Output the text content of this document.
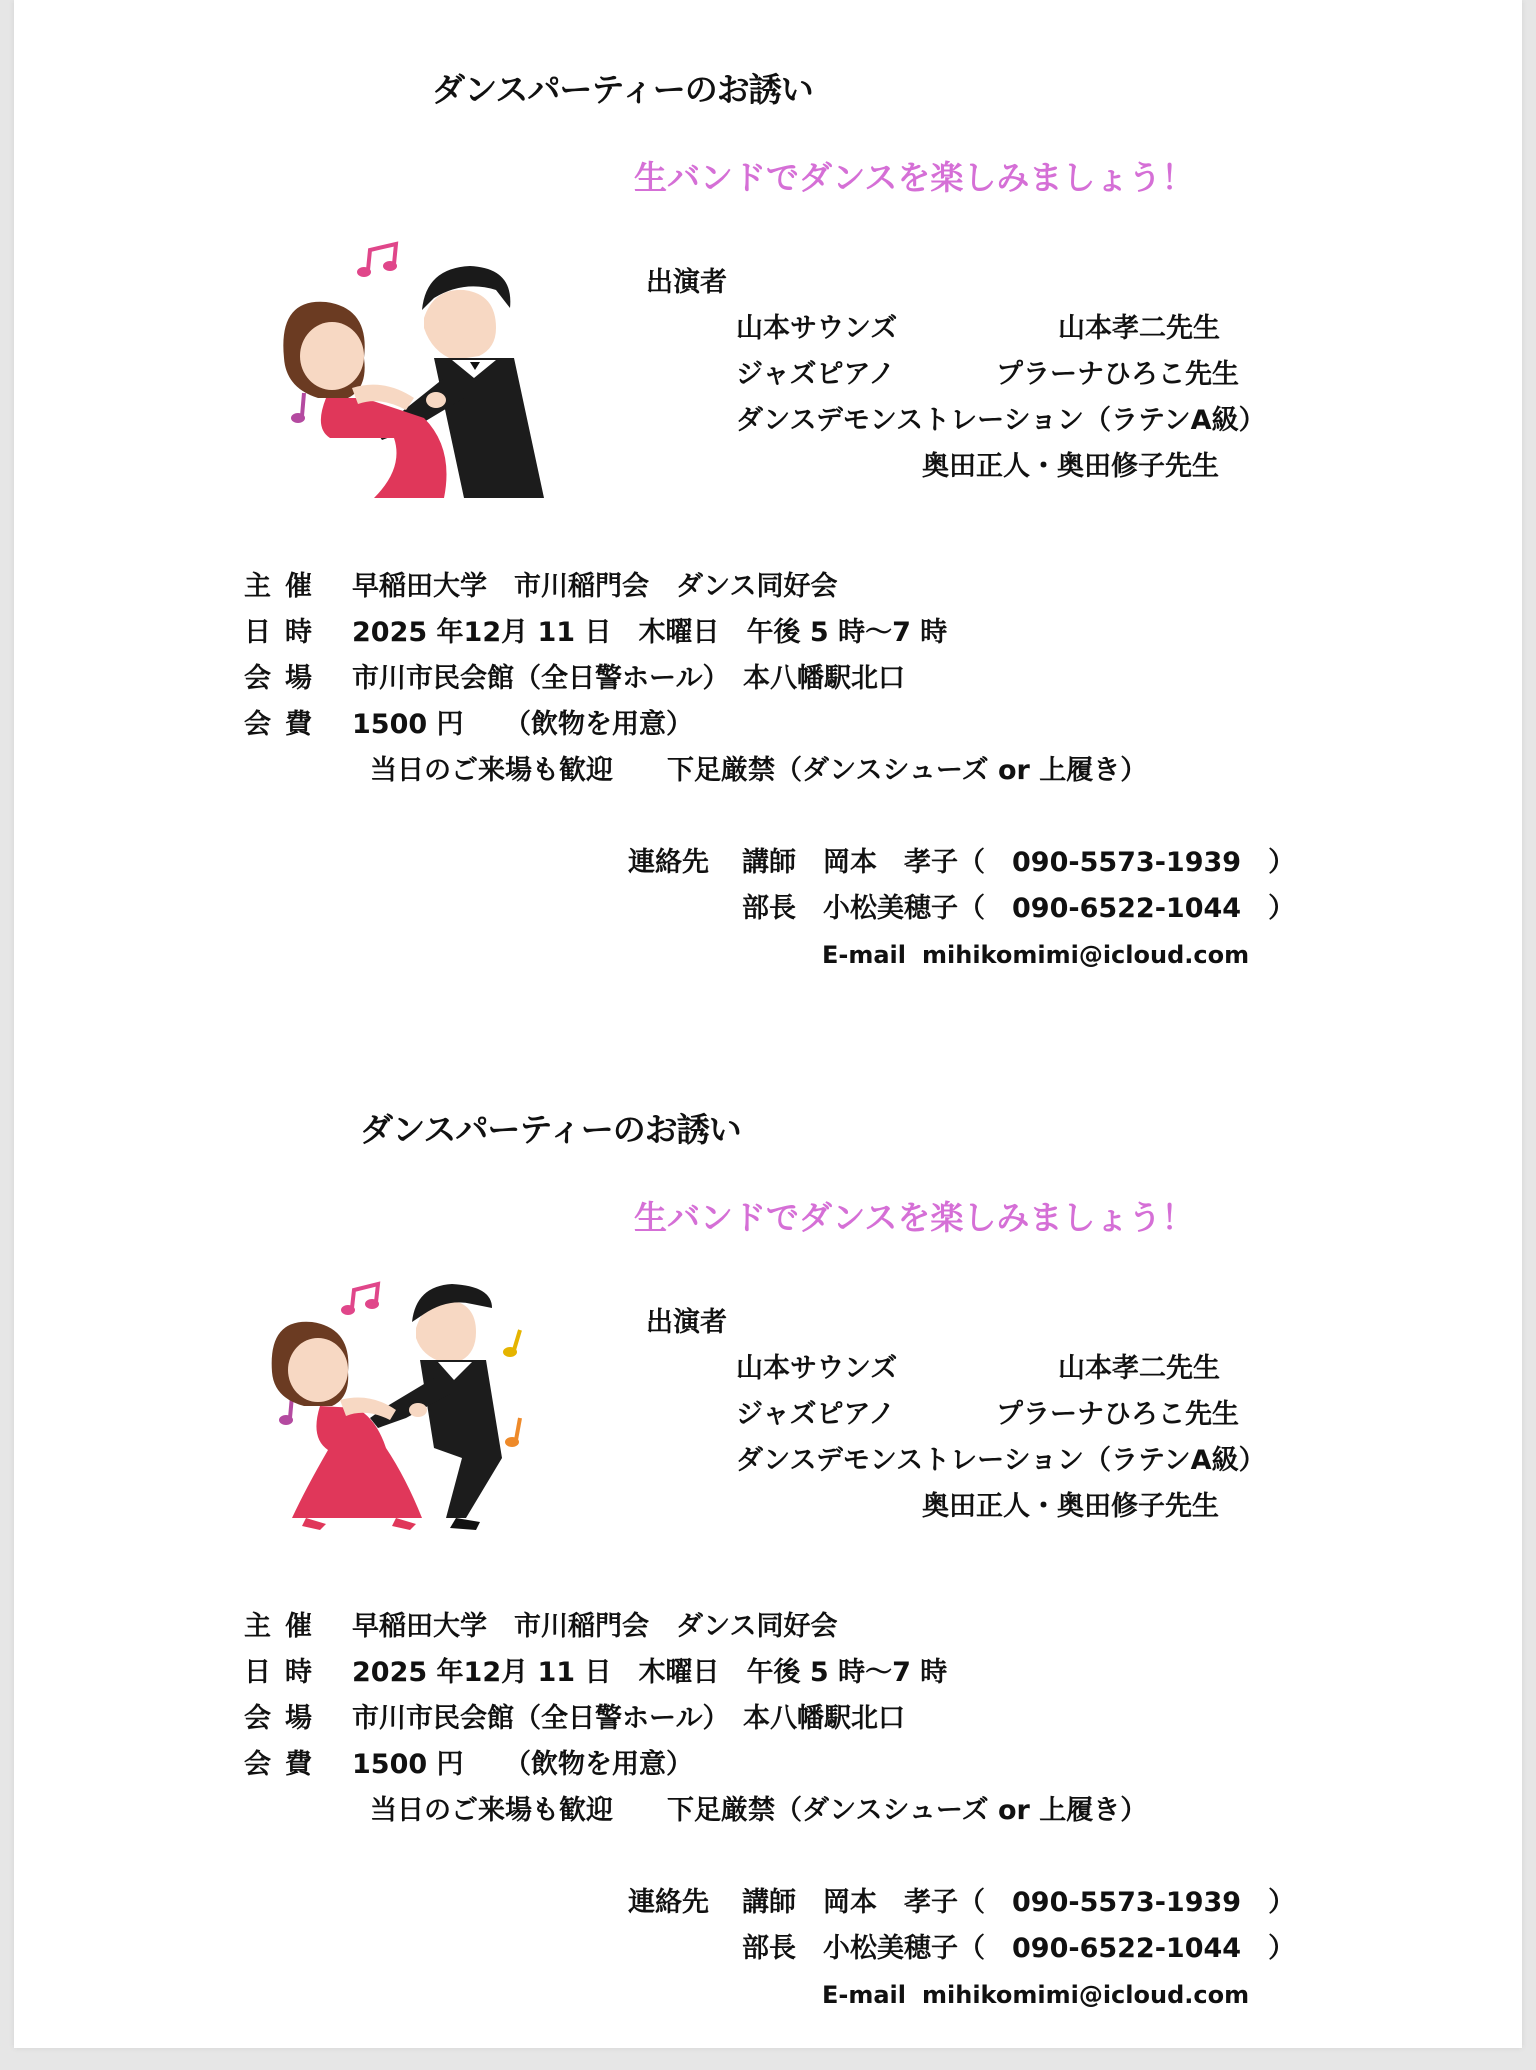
ダンスパーティーのお誘い
生バンドでダンスを楽しみましょう！
出演者
山本サウンズ	山本孝二先生
ジャズピアノ	プラーナひろこ先生
ダンスデモンストレーション（ラテンA級）
奥田正人・奥田修子先生
主催 早稲田大学　市川稲門会　ダンス同好会
日時 2025 年12月 11 日　木曜日　午後 5 時～7 時
会場 市川市民会館（全日警ホール）　本八幡駅北口
会費 1500 円　　（飲物を用意）
当日のご来場も歓迎　　下足厳禁（ダンスシューズ or 上履き）
連絡先 講師　岡本　孝子（　090-5573-1939　）
部長　小松美穂子（　090-6522-1044　）
E-mail mihikomimi@icloud.com
ダンスパーティーのお誘い
生バンドでダンスを楽しみましょう！
出演者
山本サウンズ	山本孝二先生
ジャズピアノ	プラーナひろこ先生
ダンスデモンストレーション（ラテンA級）
奥田正人・奥田修子先生
主催 早稲田大学　市川稲門会　ダンス同好会
日時 2025 年12月 11 日　木曜日　午後 5 時～7 時
会場 市川市民会館（全日警ホール）　本八幡駅北口
会費 1500 円　　（飲物を用意）
当日のご来場も歓迎　　下足厳禁（ダンスシューズ or 上履き）
連絡先 講師　岡本　孝子（　090-5573-1939　）
部長　小松美穂子（　090-6522-1044　）
E-mail mihikomimi@icloud.com
